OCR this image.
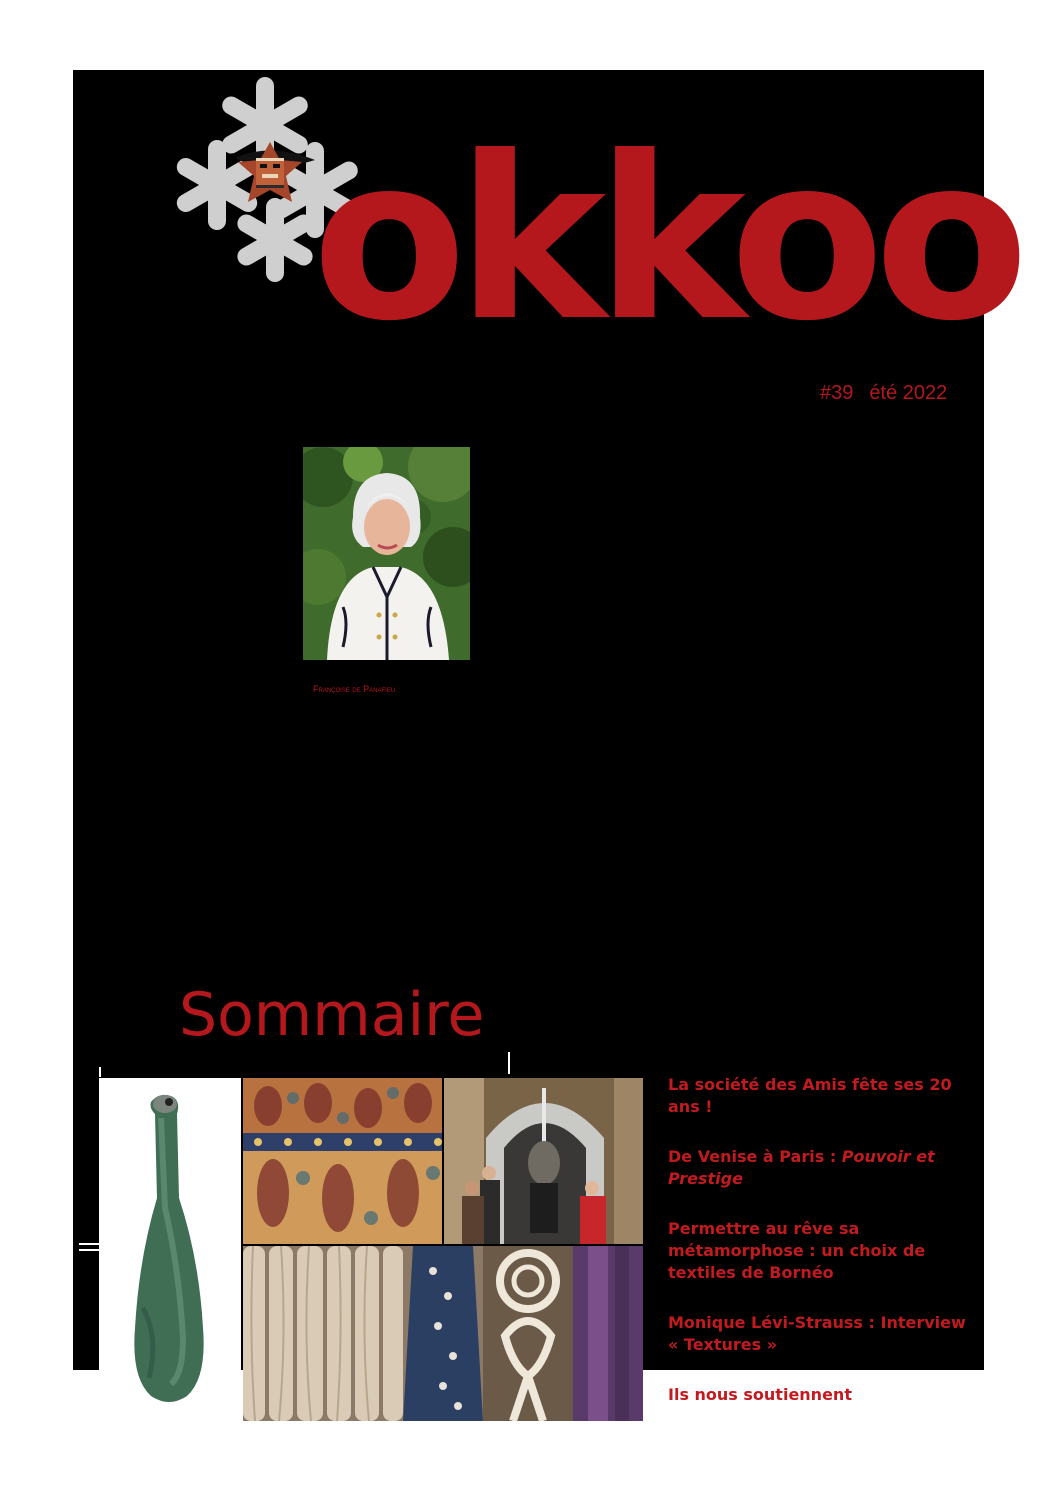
okkoo
#39 été 2022
Françoise de Panafieu
Sommaire

La société des Amis fête ses 20 ans !

De Venise à Paris : Pouvoir et Prestige

Permettre au rêve sa métamorphose : un choix de textiles de Bornéo

Monique Lévi-Strauss : Interview « Textures »

Ils nous soutiennent
